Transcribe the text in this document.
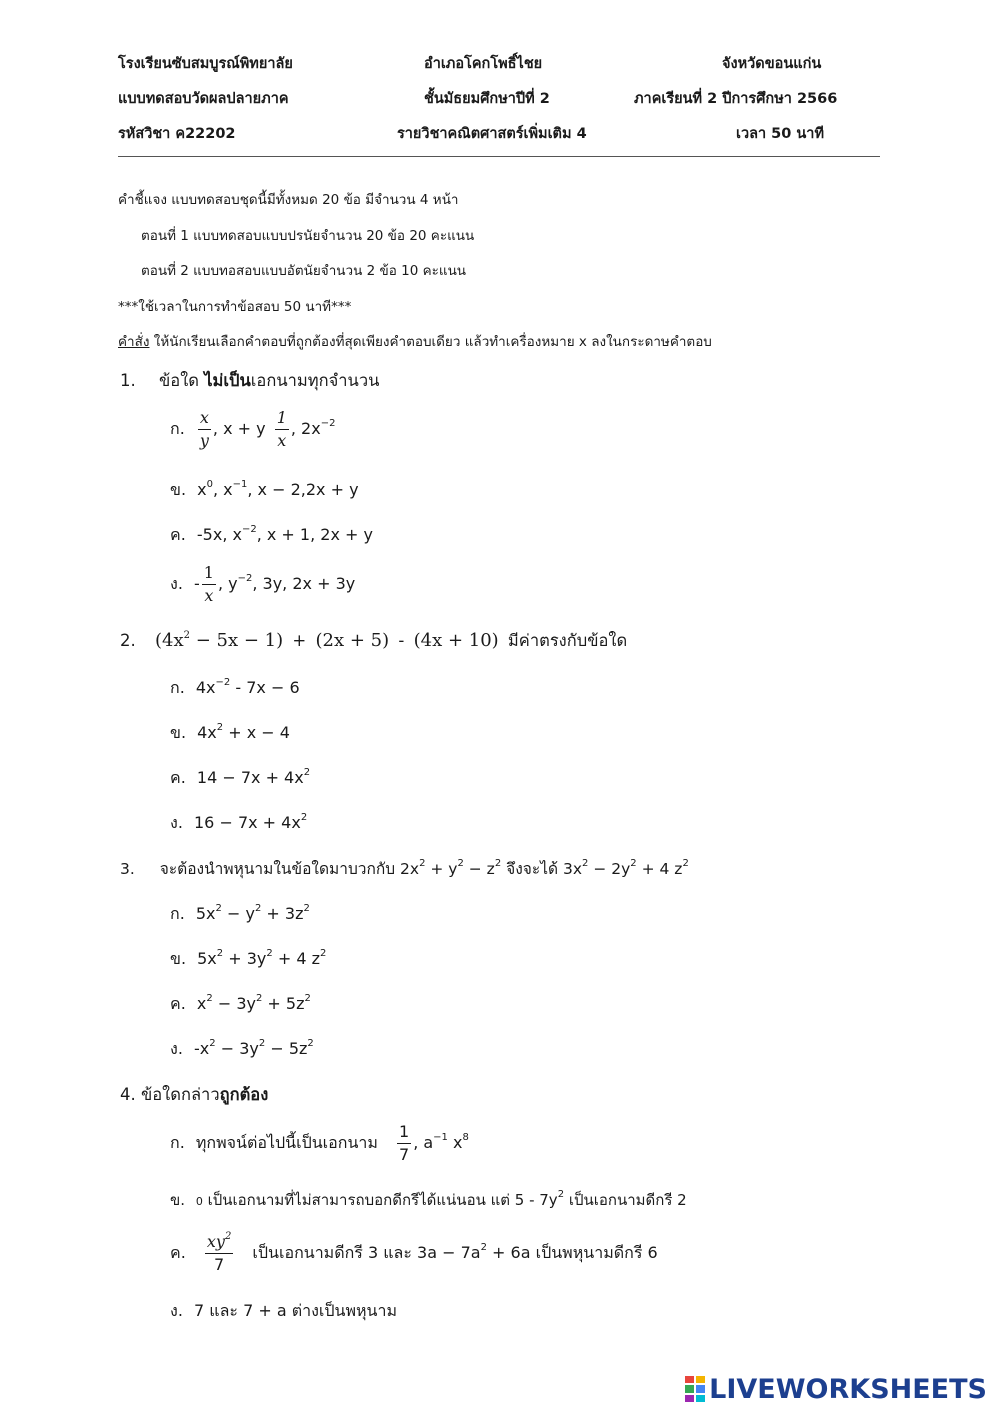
โรงเรียนซับสมบูรณ์พิทยาลัย	อำเภอโคกโพธิ์ไชย	จังหวัดขอนแก่น
แบบทดสอบวัดผลปลายภาค	ชั้นมัธยมศึกษาปีที่ 2	ภาคเรียนที่ 2 ปีการศึกษา 2566
รหัสวิชา ค22202	รายวิชาคณิตศาสตร์เพิ่มเติม 4	เวลา 50 นาที
คำชี้แจง แบบทดสอบชุดนี้มีทั้งหมด 20 ข้อ มีจำนวน 4 หน้า
ตอนที่ 1 แบบทดสอบแบบปรนัยจำนวน 20 ข้อ 20 คะแนน
ตอนที่ 2 แบบทอสอบแบบอัตนัยจำนวน 2 ข้อ 10 คะแนน
***ใช้เวลาในการทำข้อสอบ 50 นาที***
คำสั่ง ให้นักเรียนเลือกคำตอบที่ถูกต้องที่สุดเพียงคำตอบเดียว แล้วทำเครื่องหมาย x ลงในกระดาษคำตอบ
1. ข้อใด ไม่เป็นเอกนามทุกจำนวน
ก. $\frac{x}{y}$ , x + y $\frac{1}{x}$ , $2x^{-2}$
ข. $x^0$, $x^{-1}$, x − 2,2x + y
ค. -5x, $x^{-2}$, x + 1, 2x + y
ง. - $\frac{1}{x}$ , $y^{-2}$, 3y, 2x + 3y
2. $(4x^2 - 5x - 1) + (2x + 5) - (4x + 10)$ มีค่าตรงกับข้อใด
ก. $4x^{-2} - 7x - 6$
ข. $4x^2 + x - 4$
ค. $14 - 7x + 4x^2$
ง. $16 - 7x + 4x^2$
3. จะต้องนำพหุนามในข้อใดมาบวกกับ $2x^2 + y^2 - z^2$ จึงจะได้ $3x^2 - 2y^2 + 4$ $z^2$
ก. $5x^2 - y^2 + 3z^2$
ข. $5x^2 + 3y^2 + 4$ $z^2$
ค. $x^2 - 3y^2 + 5z^2$
ง. $-x^2 - 3y^2 - 5z^2$
4. ข้อใดกล่าวถูกต้อง
ก. ทุกพจน์ต่อไปนี้เป็นเอกนาม $\frac{1}{7}$ , $a^{-1}$ $x^8$
ข. 0 เป็นเอกนามที่ไม่สามารถบอกดีกรีได้แน่นอน แต่ $5 - 7y^2$ เป็นเอกนามดีกรี 2
ค. $\frac{xy^2}{7}$ เป็นเอกนามดีกรี 3 และ $3a - 7a^2 + 6a$ เป็นพหุนามดีกรี 6
ง. 7 และ 7 + a ต่างเป็นพหุนาม
LIVEWORKSHEETS
